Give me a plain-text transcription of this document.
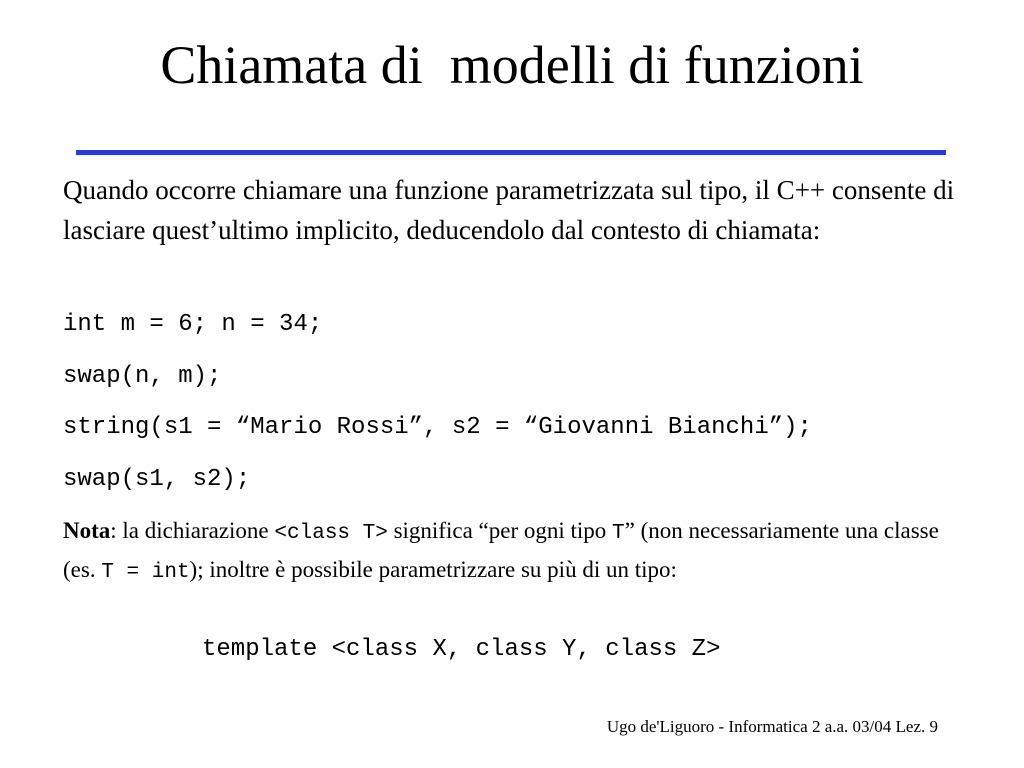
Chiamata di  modelli di funzioni
Quando occorre chiamare una funzione parametrizzata sul tipo, il C++ consente di lasciare quest’ultimo implicito, deducendolo dal contesto di chiamata:
int m = 6; n = 34;
swap(n, m);
string(s1 = “Mario Rossi”, s2 = “Giovanni Bianchi”);
swap(s1, s2);
Nota: la dichiarazione <class T> significa “per ogni tipo T” (non necessariamente una classe (es. T = int); inoltre è possibile parametrizzare su più di un tipo:
template <class X, class Y, class Z>
Ugo de'Liguoro - Informatica 2 a.a. 03/04 Lez. 9
